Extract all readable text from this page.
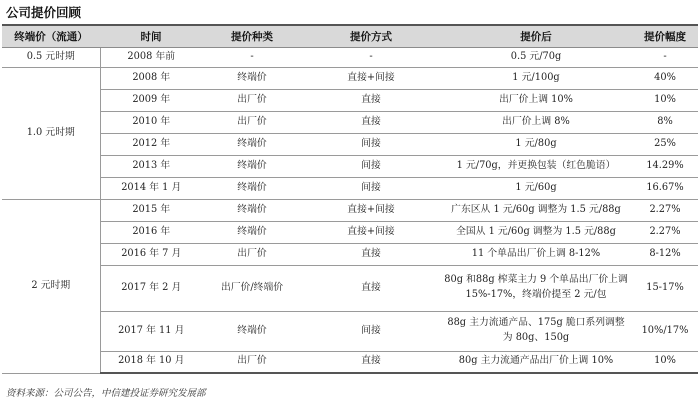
公司提价回顾
终端价（流通）	时间	提价种类	提价方式	提价后	提价幅度
0.5 元时期	2008 年前	-	-	0.5 元/70g	-
1.0 元时期	2008 年	终端价	直接+间接	1 元/100g	40%
	2009 年	出厂价	直接	出厂价上调 10%	10%
	2010 年	出厂价	直接	出厂价上调 8%	8%
	2012 年	终端价	间接	1 元/80g	25%
	2013 年	终端价	间接	1 元/70g，并更换包装（红色脆语）	14.29%
	2014 年 1 月	终端价	间接	1 元/60g	16.67%
2 元时期	2015 年	终端价	直接+间接	广东区从 1 元/60g 调整为 1.5 元/88g	2.27%
	2016 年	终端价	直接+间接	全国从 1 元/60g 调整为 1.5 元/88g	2.27%
	2016 年 7 月	出厂价	直接	11 个单品出厂价上调 8-12%	8-12%
	2017 年 2 月	出厂价/终端价	直接	80g 和88g 榨菜主力 9 个单品出厂价上调 15%-17%，终端价提至 2 元/包	15-17%
	2017 年 11 月	终端价	间接	88g 主力流通产品、175g 脆口系列调整为 80g、150g	10%/17%
	2018 年 10 月	出厂价	直接	80g 主力流通产品出厂价上调 10%	10%
资料来源：公司公告，中信建投证券研究发展部
